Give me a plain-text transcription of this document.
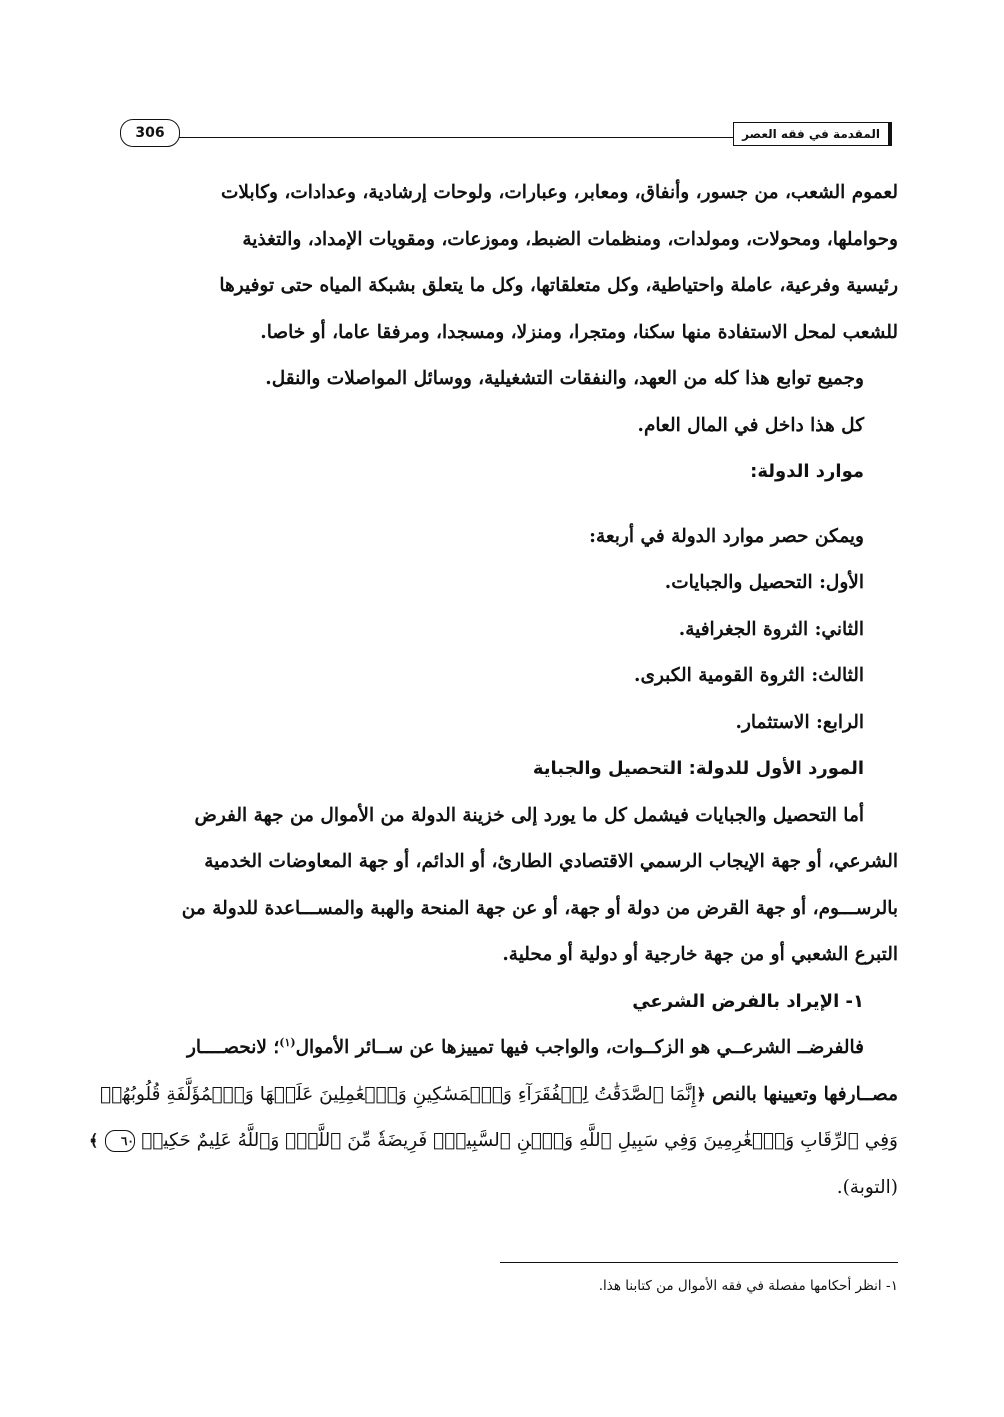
المقدمة في فقه العصر
306

لعموم الشعب، من جسور، وأنفاق، ومعابر، وعبارات، ولوحات إرشادية، وعدادات، وكابلات

وحواملها، ومحولات، ومولدات، ومنظمات الضبط، وموزعات، ومقويات الإمداد، والتغذية

رئيسية وفرعية، عاملة واحتياطية، وكل متعلقاتها، وكل ما يتعلق بشبكة المياه حتى توفيرها

للشعب لمحل الاستفادة منها سكنا، ومتجرا، ومنزلا، ومسجدا، ومرفقا عاما، أو خاصا.

وجميع توابع هذا كله من العهد، والنفقات التشغيلية، ووسائل المواصلات والنقل.

كل هذا داخل في المال العام.

موارد الدولة:

ويمكن حصر موارد الدولة في أربعة:

الأول: التحصيل والجبايات.

الثاني: الثروة الجغرافية.

الثالث: الثروة القومية الكبرى.

الرابع: الاستثمار.

المورد الأول للدولة: التحصيل والجباية

أما التحصيل والجبايات فيشمل كل ما يورد إلى خزينة الدولة من الأموال من جهة الفرض

الشرعي، أو جهة الإيجاب الرسمي الاقتصادي الطارئ، أو الدائم، أو جهة المعاوضات الخدمية

بالرســـوم، أو جهة القرض من دولة أو جهة، أو عن جهة المنحة والهبة والمســـاعدة للدولة من

التبرع الشعبي أو من جهة خارجية أو دولية أو محلية.

١- الإيراد بالفرض الشرعي

فالفرضــ الشرعــي هو الزكــوات، والواجب فيها تمييزها عن ســائر الأموال$^{(١)}$؛ لانحصــــار

مصــارفها وتعيينها بالنص ﴿إِنَّمَا ٱلصَّدَقَٰتُ لِلۡفُقَرَآءِ وَٱلۡمَسَٰكِينِ وَٱلۡعَٰمِلِينَ عَلَيۡهَا وَٱلۡمُؤَلَّفَةِ قُلُوبُهُمۡ

وَفِي ٱلرِّقَابِ وَٱلۡغَٰرِمِينَ وَفِي سَبِيلِ ٱللَّهِ وَٱبۡنِ ٱلسَّبِيلِۖ فَرِيضَةٗ مِّنَ ٱللَّهِۗ وَٱللَّهُ عَلِيمٌ حَكِيمٞ ٦٠ ﴾

(التوبة).

١- انظر أحكامها مفصلة في فقه الأموال من كتابنا هذا.
